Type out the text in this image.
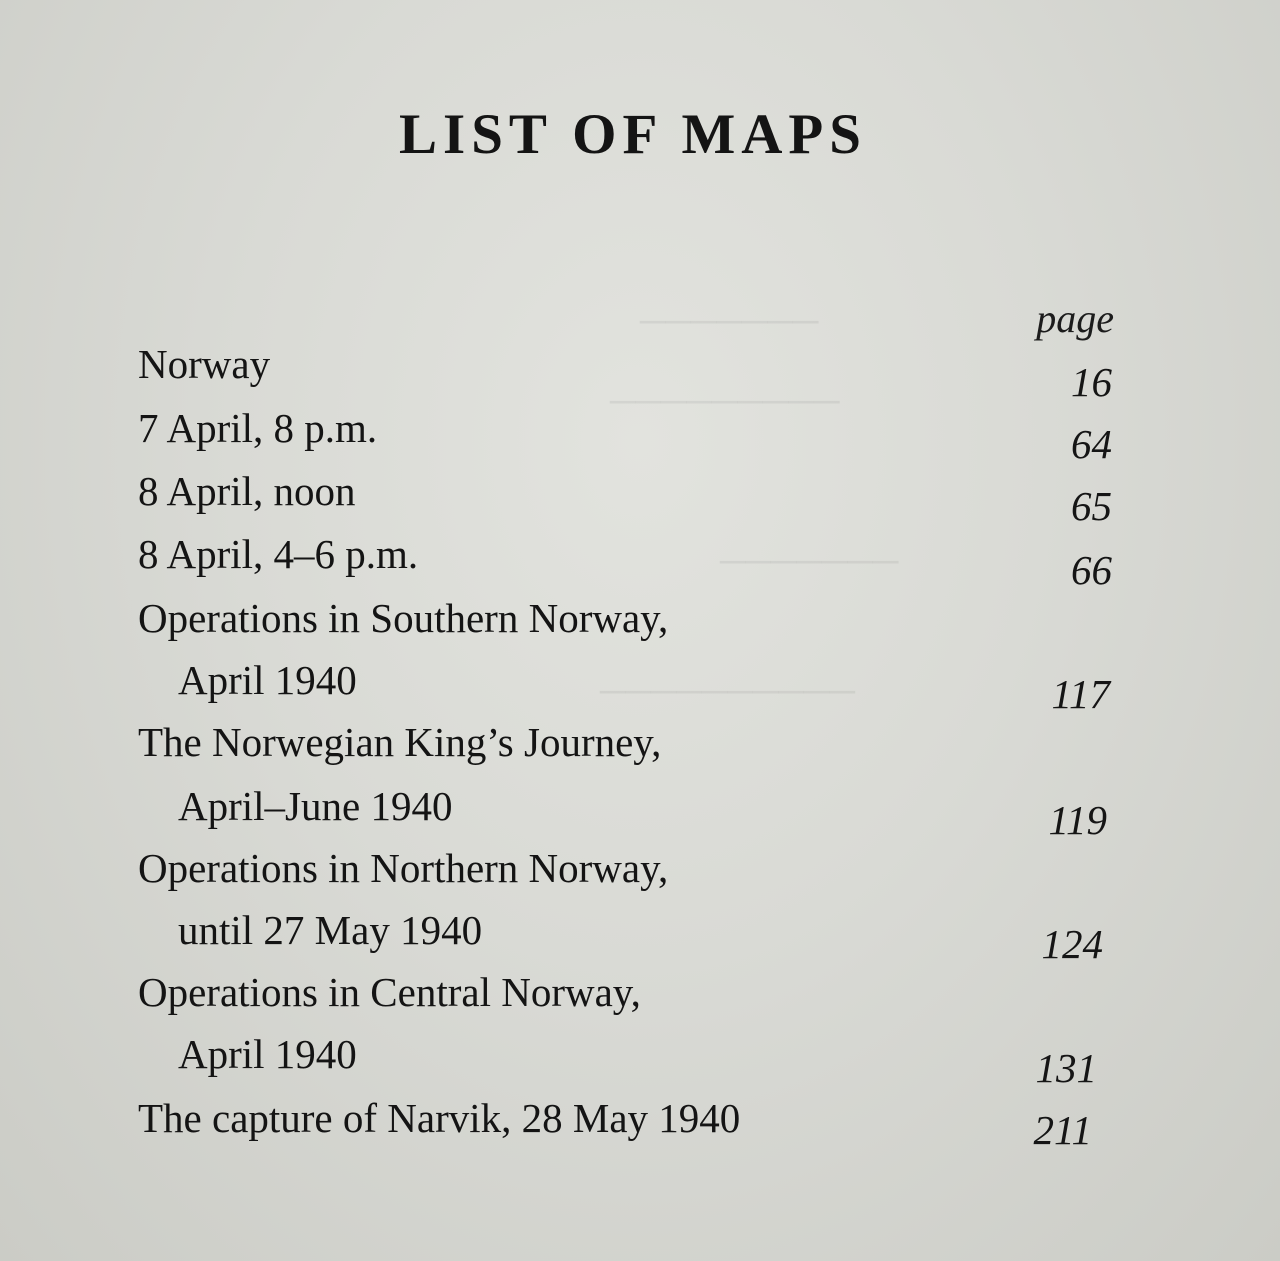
───────
─────────
───────
──────────
LIST OF MAPS
page
Norway	16
7 April, 8 p.m.	64
8 April, noon	65
8 April, 4–6 p.m.	66
Operations in Southern Norway,
April 1940	117
The Norwegian King’s Journey,
April–June 1940	119
Operations in Northern Norway,
until 27 May 1940	124
Operations in Central Norway,
April 1940	131
The capture of Narvik, 28 May 1940	211
